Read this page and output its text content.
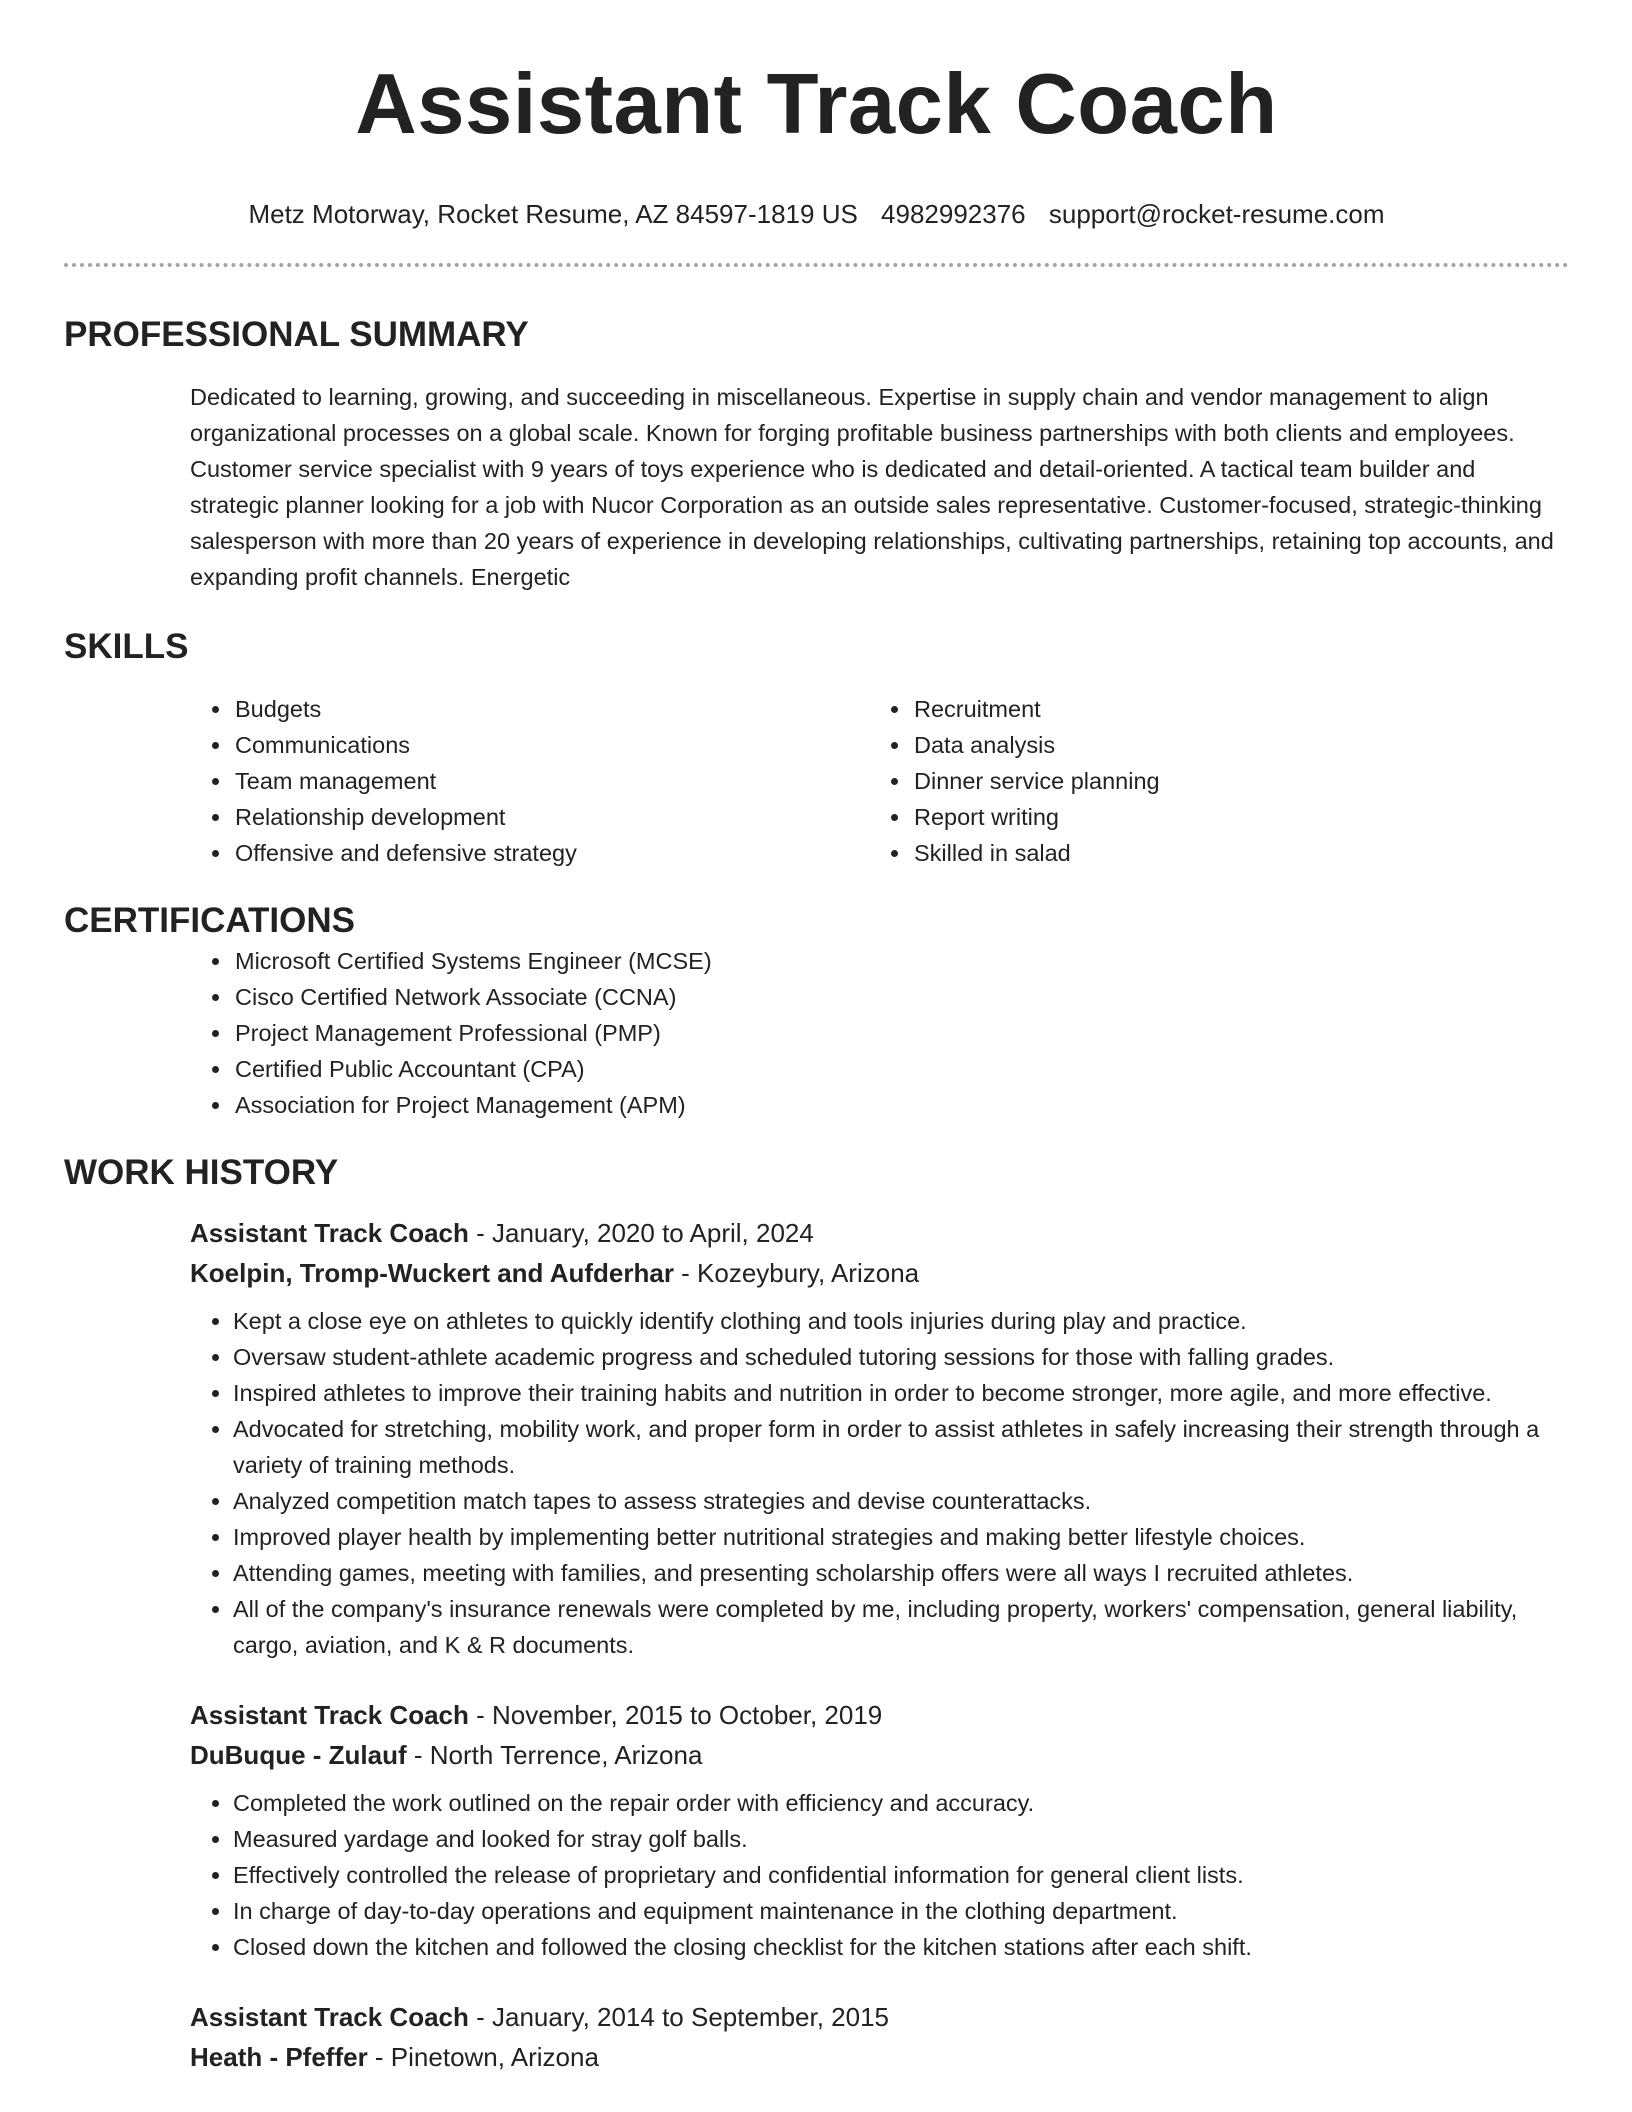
Assistant Track Coach
Metz Motorway, Rocket Resume, AZ 84597-1819 US 4982992376 support@rocket-resume.com
PROFESSIONAL SUMMARY

Dedicated to learning, growing, and succeeding in miscellaneous. Expertise in supply chain and vendor management to align organizational processes on a global scale. Known for forging profitable business partnerships with both clients and employees. Customer service specialist with 9 years of toys experience who is dedicated and detail-oriented. A tactical team builder and strategic planner looking for a job with Nucor Corporation as an outside sales representative. Customer-focused, strategic-thinking salesperson with more than 20 years of experience in developing relationships, cultivating partnerships, retaining top accounts, and expanding profit channels. Energetic

SKILLS
• Budgets
• Communications
• Team management
• Relationship development
• Offensive and defensive strategy
• Recruitment
• Data analysis
• Dinner service planning
• Report writing
• Skilled in salad
CERTIFICATIONS
• Microsoft Certified Systems Engineer (MCSE)
• Cisco Certified Network Associate (CCNA)
• Project Management Professional (PMP)
• Certified Public Accountant (CPA)
• Association for Project Management (APM)
WORK HISTORY
Assistant Track Coach - January, 2020 to April, 2024
Koelpin, Tromp-Wuckert and Aufderhar - Kozeybury, Arizona
• Kept a close eye on athletes to quickly identify clothing and tools injuries during play and practice.
• Oversaw student-athlete academic progress and scheduled tutoring sessions for those with falling grades.
• Inspired athletes to improve their training habits and nutrition in order to become stronger, more agile, and more effective.
• Advocated for stretching, mobility work, and proper form in order to assist athletes in safely increasing their strength through a variety of training methods.
• Analyzed competition match tapes to assess strategies and devise counterattacks.
• Improved player health by implementing better nutritional strategies and making better lifestyle choices.
• Attending games, meeting with families, and presenting scholarship offers were all ways I recruited athletes.
• All of the company's insurance renewals were completed by me, including property, workers' compensation, general liability, cargo, aviation, and K & R documents.
Assistant Track Coach - November, 2015 to October, 2019
DuBuque - Zulauf - North Terrence, Arizona
• Completed the work outlined on the repair order with efficiency and accuracy.
• Measured yardage and looked for stray golf balls.
• Effectively controlled the release of proprietary and confidential information for general client lists.
• In charge of day-to-day operations and equipment maintenance in the clothing department.
• Closed down the kitchen and followed the closing checklist for the kitchen stations after each shift.
Assistant Track Coach - January, 2014 to September, 2015
Heath - Pfeffer - Pinetown, Arizona
